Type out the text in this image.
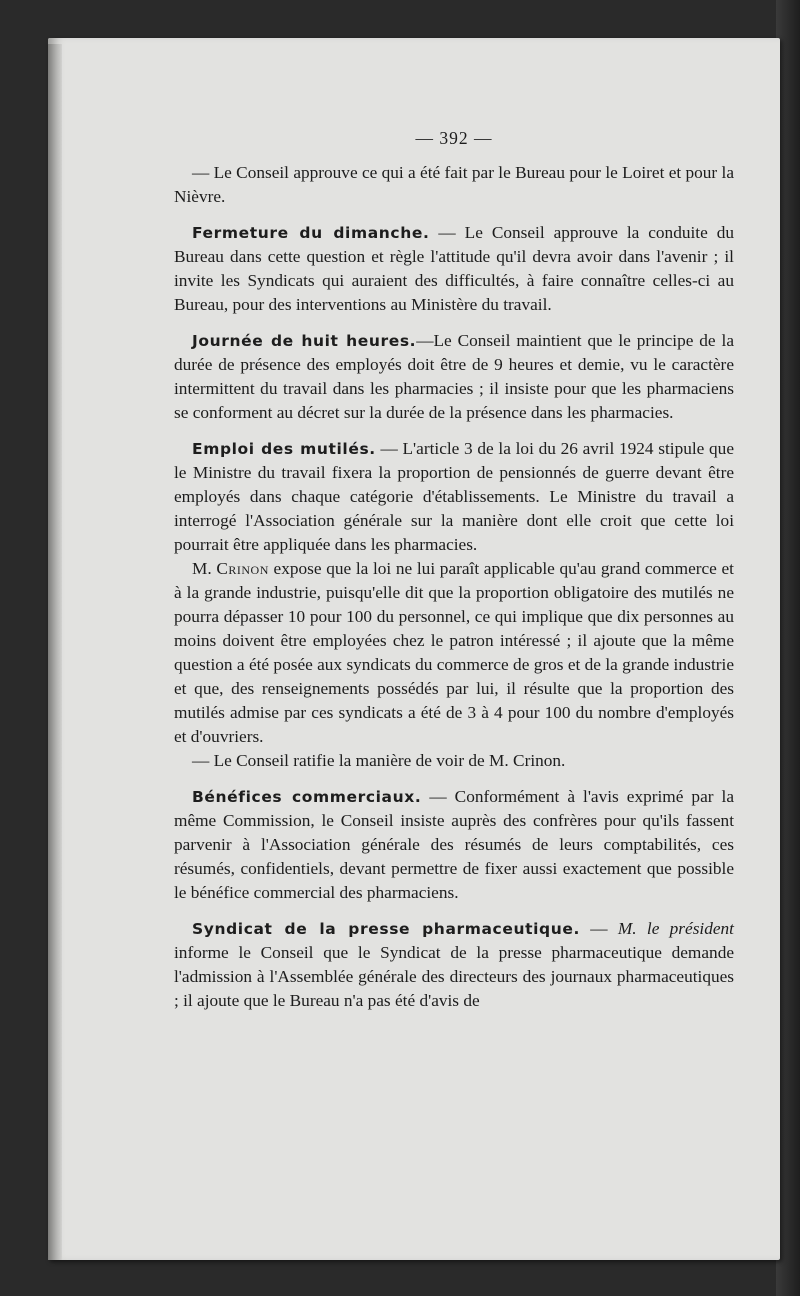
— 392 —

— Le Conseil approuve ce qui a été fait par le Bureau pour le Loiret et pour la Nièvre.

Fermeture du dimanche. — Le Conseil approuve la conduite du Bureau dans cette question et règle l'attitude qu'il devra avoir dans l'avenir ; il invite les Syndicats qui auraient des difficultés, à faire connaître celles-ci au Bureau, pour des interventions au Ministère du travail.

Journée de huit heures.—Le Conseil maintient que le principe de la durée de présence des employés doit être de 9 heures et demie, vu le caractère intermittent du travail dans les pharmacies ; il insiste pour que les pharmaciens se conforment au décret sur la durée de la présence dans les pharmacies.

Emploi des mutilés. — L'article 3 de la loi du 26 avril 1924 stipule que le Ministre du travail fixera la proportion de pensionnés de guerre devant être employés dans chaque catégorie d'établissements. Le Ministre du travail a interrogé l'Association générale sur la manière dont elle croit que cette loi pourrait être appliquée dans les pharmacies.

M. Crinon expose que la loi ne lui paraît applicable qu'au grand commerce et à la grande industrie, puisqu'elle dit que la proportion obligatoire des mutilés ne pourra dépasser 10 pour 100 du personnel, ce qui implique que dix personnes au moins doivent être employées chez le patron intéressé ; il ajoute que la même question a été posée aux syndicats du commerce de gros et de la grande industrie et que, des renseignements possédés par lui, il résulte que la proportion des mutilés admise par ces syndicats a été de 3 à 4 pour 100 du nombre d'employés et d'ouvriers.

— Le Conseil ratifie la manière de voir de M. Crinon.

Bénéfices commerciaux. — Conformément à l'avis exprimé par la même Commission, le Conseil insiste auprès des confrères pour qu'ils fassent parvenir à l'Association générale des résumés de leurs comptabilités, ces résumés, confidentiels, devant permettre de fixer aussi exactement que possible le bénéfice commercial des pharmaciens.

Syndicat de la presse pharmaceutique. — M. le président informe le Conseil que le Syndicat de la presse pharmaceutique demande l'admission à l'Assemblée générale des directeurs des journaux pharmaceutiques ; il ajoute que le Bureau n'a pas été d'avis de
